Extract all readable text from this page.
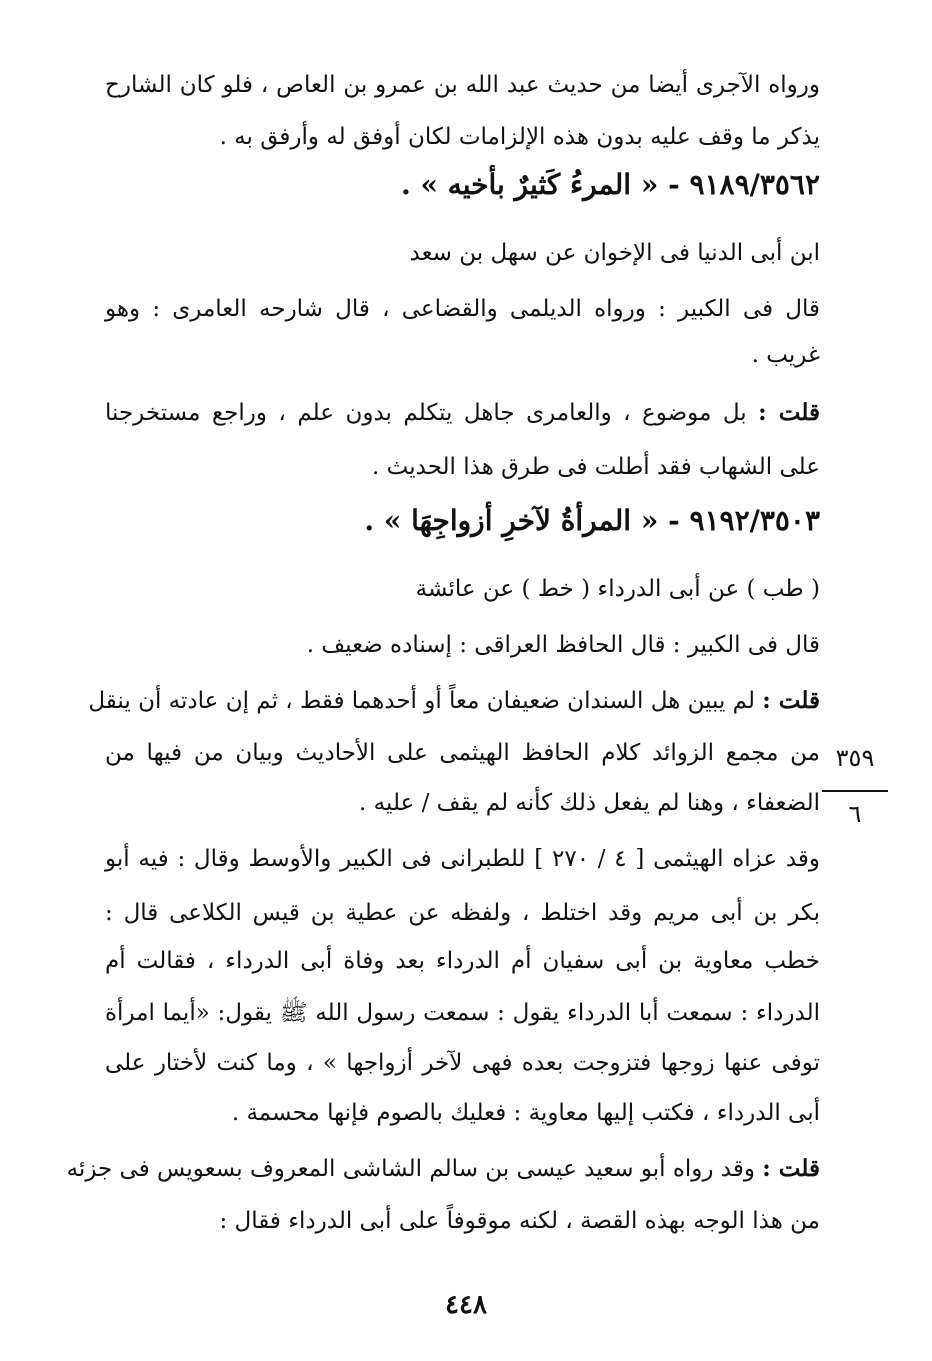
ورواه الآجرى أيضا من حديث عبد الله بن عمرو بن العاص ، فلو كان الشارح
يذكر ما وقف عليه بدون هذه الإلزامات لكان أوفق له وأرفق به .
٩١٨٩/٣٥٦٢ - « المرءُ كَثيرٌ بأخيه » .
ابن أبى الدنيا فى الإخوان عن سهل بن سعد
قال فى الكبير : ورواه الديلمى والقضاعى ، قال شارحه العامرى : وهو
غريب .
قلت : بل موضوع ، والعامرى جاهل يتكلم بدون علم ، وراجع مستخرجنا
على الشهاب فقد أطلت فى طرق هذا الحديث .
٩١٩٢/٣٥٠٣ - « المرأةُ لآخرِ أزواجِهَا » .
( طب ) عن أبى الدرداء ( خط ) عن عائشة
قال فى الكبير : قال الحافظ العراقى : إسناده ضعيف .
قلت : لم يبين هل السندان ضعيفان معاً أو أحدهما فقط ، ثم إن عادته أن ينقل
من مجمع الزوائد كلام الحافظ الهيثمى على الأحاديث وبيان من فيها من
الضعفاء ، وهنا لم يفعل ذلك كأنه لم يقف / عليه .
٣٥٩
٦
وقد عزاه الهيثمى [ ٤ / ٢٧٠ ] للطبرانى فى الكبير والأوسط وقال : فيه أبو
بكر بن أبى مريم وقد اختلط ، ولفظه عن عطية بن قيس الكلاعى قال :
خطب معاوية بن أبى سفيان أم الدرداء بعد وفاة أبى الدرداء ، فقالت أم
الدرداء : سمعت أبا الدرداء يقول : سمعت رسول الله ﷺ يقول: «أيما امرأة
توفى عنها زوجها فتزوجت بعده فهى لآخر أزواجها » ، وما كنت لأختار على
أبى الدرداء ، فكتب إليها معاوية : فعليك بالصوم فإنها محسمة .
قلت : وقد رواه أبو سعيد عيسى بن سالم الشاشى المعروف بسعويس فى جزئه
من هذا الوجه بهذه القصة ، لكنه موقوفاً على أبى الدرداء فقال :
٤٤٨
